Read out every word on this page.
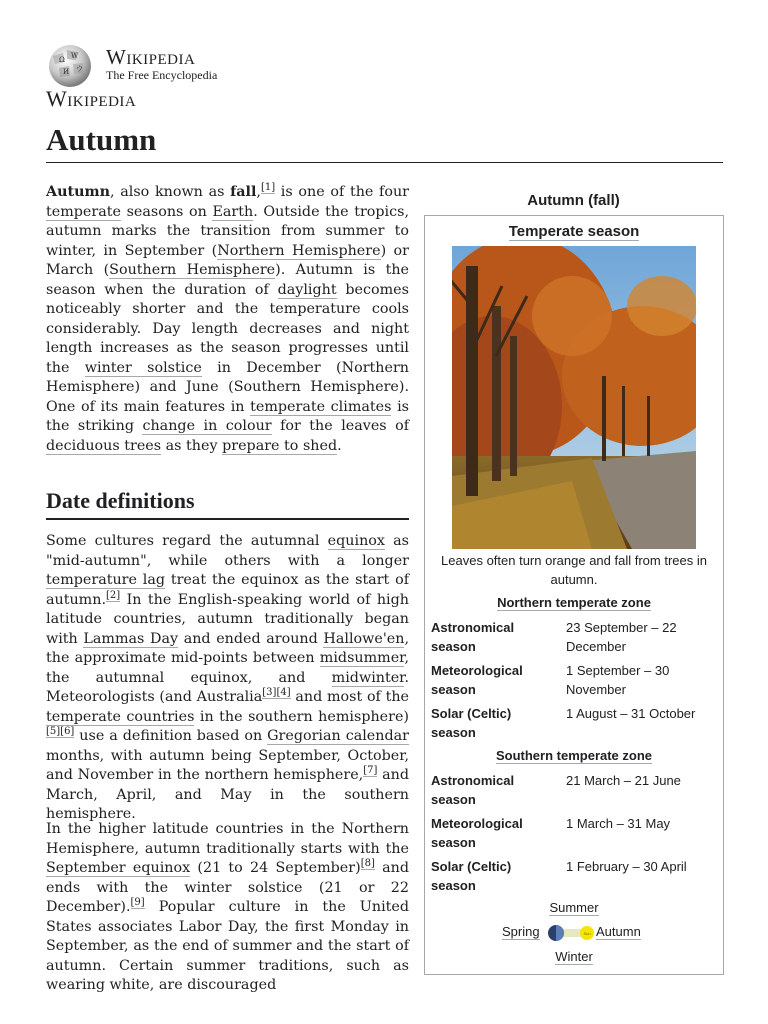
Ω W
И ウ Wikipedia
The Free Encyclopedia
Wikipedia
Autumn

Autumn, also known as fall,[1] is one of the four temperate seasons on Earth. Outside the tropics, autumn marks the transition from summer to winter, in September (Northern Hemisphere) or March (Southern Hemisphere). Autumn is the season when the duration of daylight becomes noticeably shorter and the temperature cools considerably. Day length decreases and night length increases as the season progresses until the winter solstice in December (Northern Hemisphere) and June (Southern Hemisphere). One of its main features in temperate climates is the striking change in colour for the leaves of deciduous trees as they prepare to shed.

Date definitions

Some cultures regard the autumnal equinox as "mid-autumn", while others with a longer temperature lag treat the equinox as the start of autumn.[2] In the English-speaking world of high latitude countries, autumn traditionally began with Lammas Day and ended around Hallowe'en, the approximate mid-points between midsummer, the autumnal equinox, and midwinter. Meteorologists (and Australia[3][4] and most of the temperate countries in the southern hemisphere)[5][6] use a definition based on Gregorian calendar months, with autumn being September, October, and November in the northern hemisphere,[7] and March, April, and May in the southern hemisphere.

In the higher latitude countries in the Northern Hemisphere, autumn traditionally starts with the September equinox (21 to 24 September)[8] and ends with the winter solstice (21 or 22 December).[9] Popular culture in the United States associates Labor Day, the first Monday in September, as the end of summer and the start of autumn. Certain summer traditions, such as wearing white, are discouraged

Autumn (fall)
Temperate season
Leaves often turn orange and fall from trees in autumn.
Northern temperate zone
Astronomical season
23 September – 22 December
Meteorological season
1 September – 30 November
Solar (Celtic) season
1 August – 31 October
Southern temperate zone
Astronomical season
21 March – 21 June
Meteorological season
1 March – 31 May
Solar (Celtic) season
1 February – 30 April
Summer
Spring	Sun Autumn
Winter
